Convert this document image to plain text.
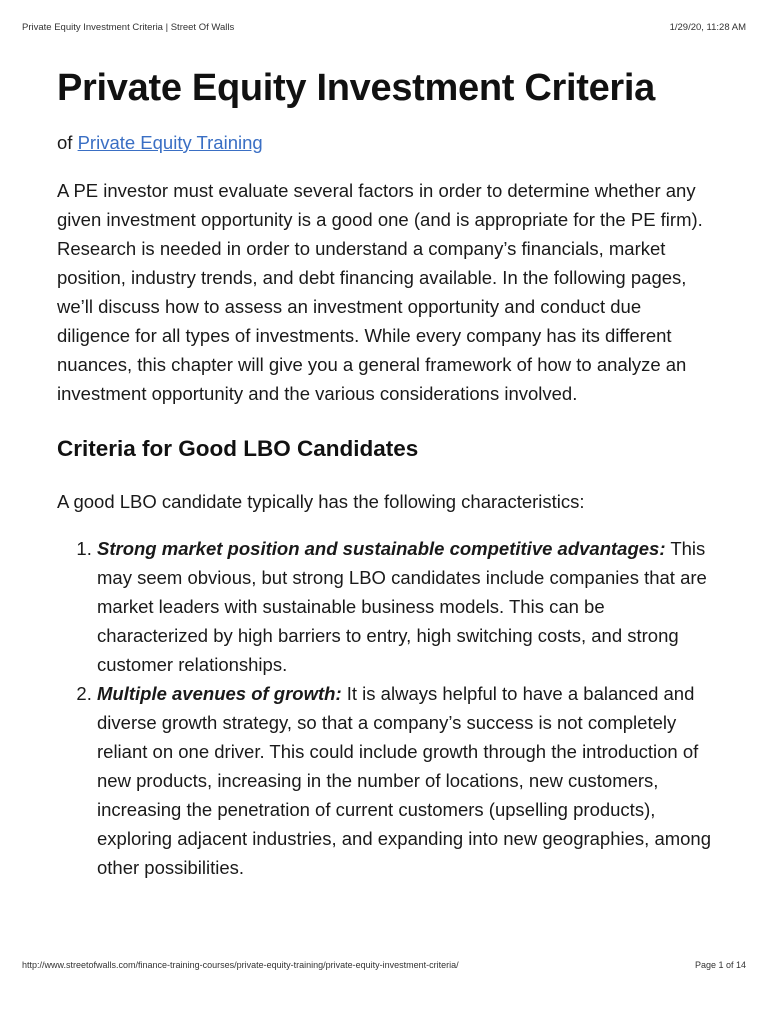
Private Equity Investment Criteria | Street Of Walls	1/29/20, 11:28 AM
Private Equity Investment Criteria
of Private Equity Training

A PE investor must evaluate several factors in order to determine whether any given investment opportunity is a good one (and is appropriate for the PE firm). Research is needed in order to understand a company’s financials, market position, industry trends, and debt financing available. In the following pages, we’ll discuss how to assess an investment opportunity and conduct due diligence for all types of investments. While every company has its different nuances, this chapter will give you a general framework of how to analyze an investment opportunity and the various considerations involved.

Criteria for Good LBO Candidates

A good LBO candidate typically has the following characteristics:

1. Strong market position and sustainable competitive advantages: This may seem obvious, but strong LBO candidates include companies that are market leaders with sustainable business models. This can be characterized by high barriers to entry, high switching costs, and strong customer relationships.
2. Multiple avenues of growth: It is always helpful to have a balanced and diverse growth strategy, so that a company’s success is not completely reliant on one driver. This could include growth through the introduction of new products, increasing in the number of locations, new customers, increasing the penetration of current customers (upselling products), exploring adjacent industries, and expanding into new geographies, among other possibilities.
http://www.streetofwalls.com/finance-training-courses/private-equity-training/private-equity-investment-criteria/	Page 1 of 14
